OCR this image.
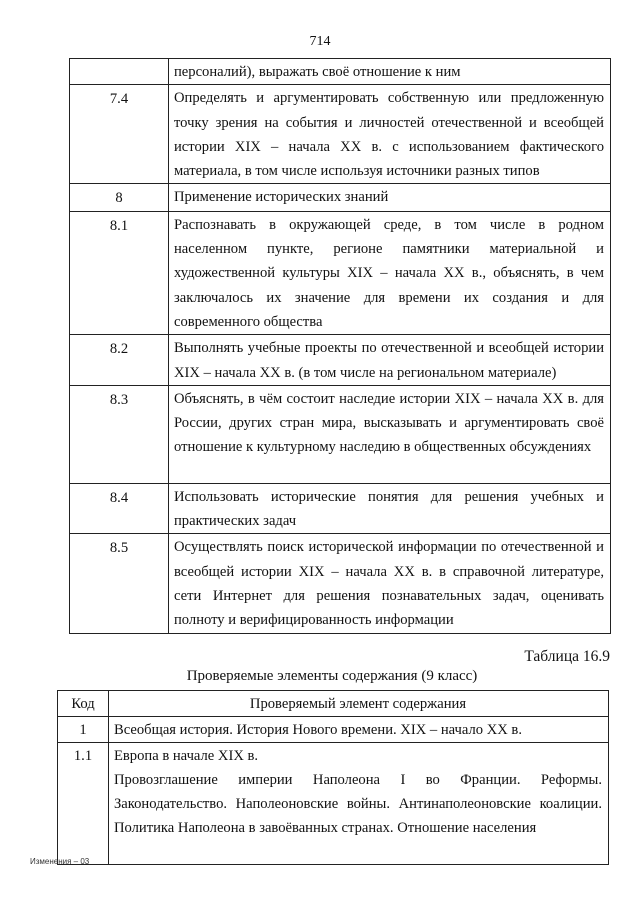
714
	персоналий), выражать своё отношение к ним
7.4	Определять и аргументировать собственную или предложенную точку зрения на события и личностей отечественной и всеобщей истории XIX – начала XX в. с использованием фактического материала, в том числе используя источники разных типов
8	Применение исторических знаний
8.1	Распознавать в окружающей среде, в том числе в родном населенном пункте, регионе памятники материальной и художественной культуры XIX – начала XX в., объяснять, в чем заключалось их значение для времени их создания и для современного общества
8.2	Выполнять учебные проекты по отечественной и всеобщей истории XIX – начала XX в. (в том числе на региональном материале)
8.3	Объяснять, в чём состоит наследие истории XIX – начала XX в. для России, других стран мира, высказывать и аргументировать своё отношение к культурному наследию в общественных обсуждениях
8.4	Использовать исторические понятия для решения учебных и практических задач
8.5	Осуществлять поиск исторической информации по отечественной и всеобщей истории XIX – начала XX в. в справочной литературе, сети Интернет для решения познавательных задач, оценивать полноту и верифицированность информации
Таблица 16.9
Проверяемые элементы содержания (9 класс)
Код	Проверяемый элемент содержания
1	Всеобщая история. История Нового времени. XIX – начало XX в.
1.1	Европа в начале XIX в.
Провозглашение империи Наполеона I во Франции. Реформы. Законодательство. Наполеоновские войны. Антинаполеоновские коалиции. Политика Наполеона в завоёванных странах. Отношение населения
Изменения – 03
